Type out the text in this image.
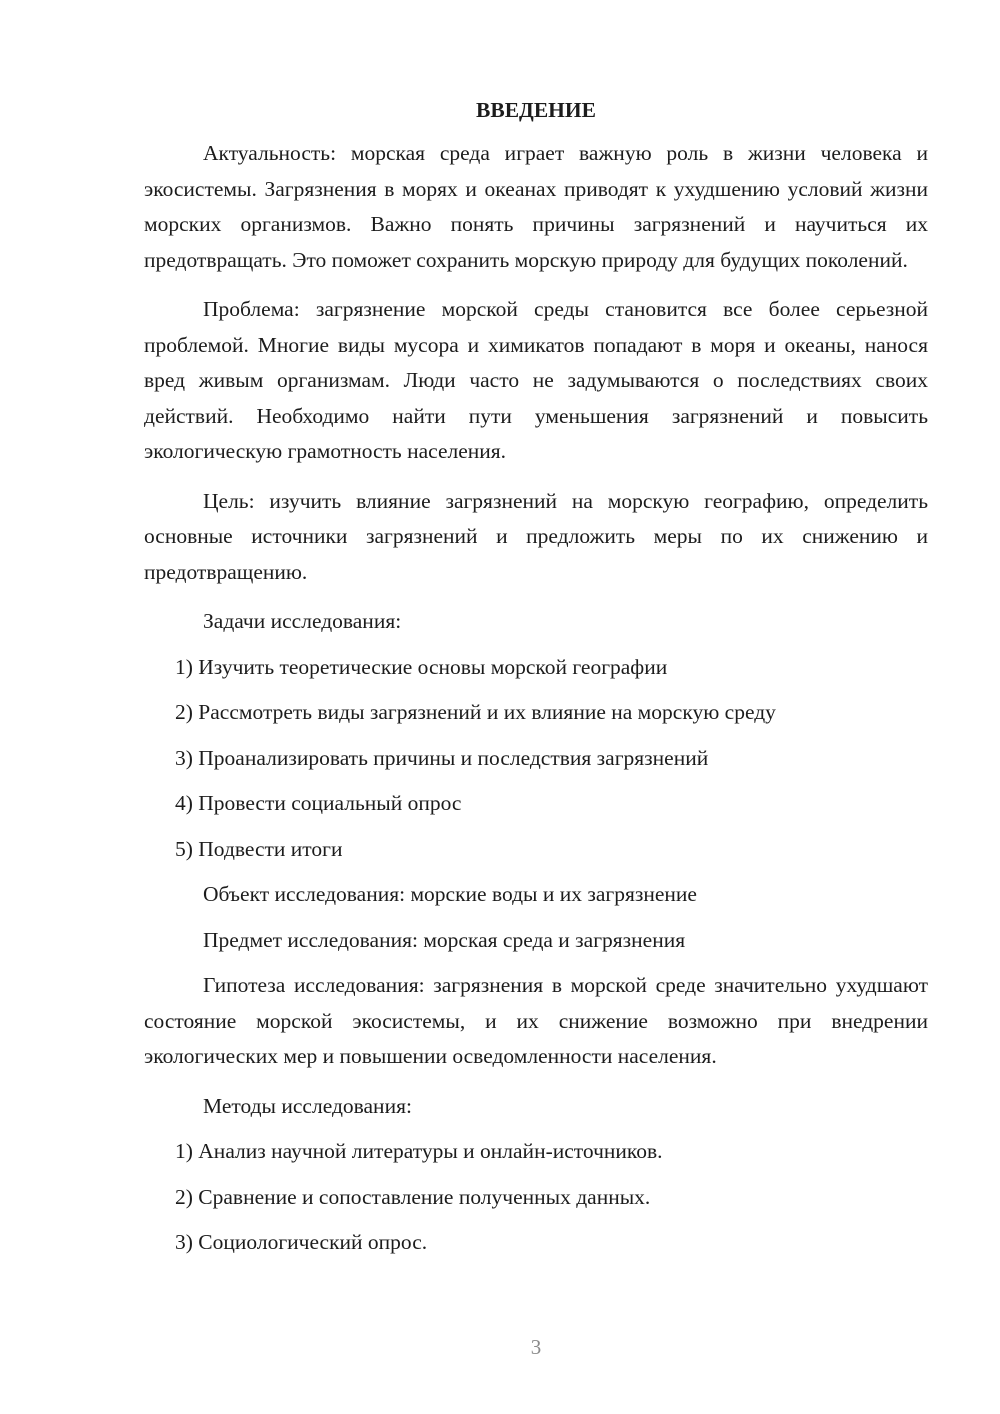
ВВЕДЕНИЕ

Актуальность: морская среда играет важную роль в жизни человека и экосистемы. Загрязнения в морях и океанах приводят к ухудшению условий жизни морских организмов. Важно понять причины загрязнений и научиться их предотвращать. Это поможет сохранить морскую природу для будущих поколений.

Проблема: загрязнение морской среды становится все более серьезной проблемой. Многие виды мусора и химикатов попадают в моря и океаны, нанося вред живым организмам. Люди часто не задумываются о последствиях своих действий. Необходимо найти пути уменьшения загрязнений и повысить экологическую грамотность населения.

Цель: изучить влияние загрязнений на морскую географию, определить основные источники загрязнений и предложить меры по их снижению и предотвращению.

Задачи исследования:

1) Изучить теоретические основы морской географии
2) Рассмотреть виды загрязнений и их влияние на морскую среду
3) Проанализировать причины и последствия загрязнений
4) Провести социальный опрос
5) Подвести итоги

Объект исследования: морские воды и их загрязнение

Предмет исследования: морская среда и загрязнения

Гипотеза исследования: загрязнения в морской среде значительно ухудшают состояние морской экосистемы, и их снижение возможно при внедрении экологических мер и повышении осведомленности населения.

Методы исследования:

1) Анализ научной литературы и онлайн-источников.
2) Сравнение и сопоставление полученных данных.
3) Социологический опрос.
3
